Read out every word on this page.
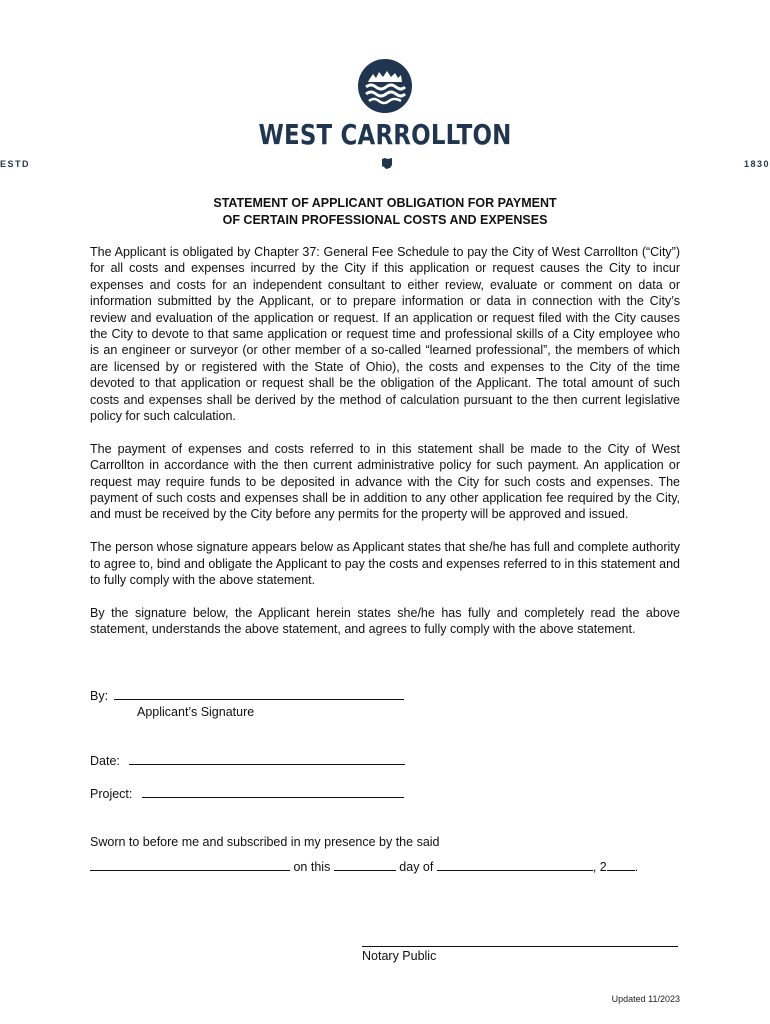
WEST CARROLLTON
ESTD	1830
STATEMENT OF APPLICANT OBLIGATION FOR PAYMENT
OF CERTAIN PROFESSIONAL COSTS AND EXPENSES

The Applicant is obligated by Chapter 37: General Fee Schedule to pay the City of West Carrollton (“City”) for all costs and expenses incurred by the City if this application or request causes the City to incur expenses and costs for an independent consultant to either review, evaluate or comment on data or information submitted by the Applicant, or to prepare information or data in connection with the City’s review and evaluation of the application or request. If an application or request filed with the City causes the City to devote to that same application or request time and professional skills of a City employee who is an engineer or surveyor (or other member of a so-called “learned professional”, the members of which are licensed by or registered with the State of Ohio), the costs and expenses to the City of the time devoted to that application or request shall be the obligation of the Applicant. The total amount of such costs and expenses shall be derived by the method of calculation pursuant to the then current legislative policy for such calculation.

The payment of expenses and costs referred to in this statement shall be made to the City of West Carrollton in accordance with the then current administrative policy for such payment. An application or request may require funds to be deposited in advance with the City for such costs and expenses. The payment of such costs and expenses shall be in addition to any other application fee required by the City, and must be received by the City before any permits for the property will be approved and issued.

The person whose signature appears below as Applicant states that she/he has full and complete authority to agree to, bind and obligate the Applicant to pay the costs and expenses referred to in this statement and to fully comply with the above statement.

By the signature below, the Applicant herein states she/he has fully and completely read the above statement, understands the above statement, and agrees to fully comply with the above statement.

By:
Applicant’s Signature
Date:
Project:
Sworn to before me and subscribed in my presence by the said
on this	day of	, 2 .
Notary Public
Updated 11/2023
